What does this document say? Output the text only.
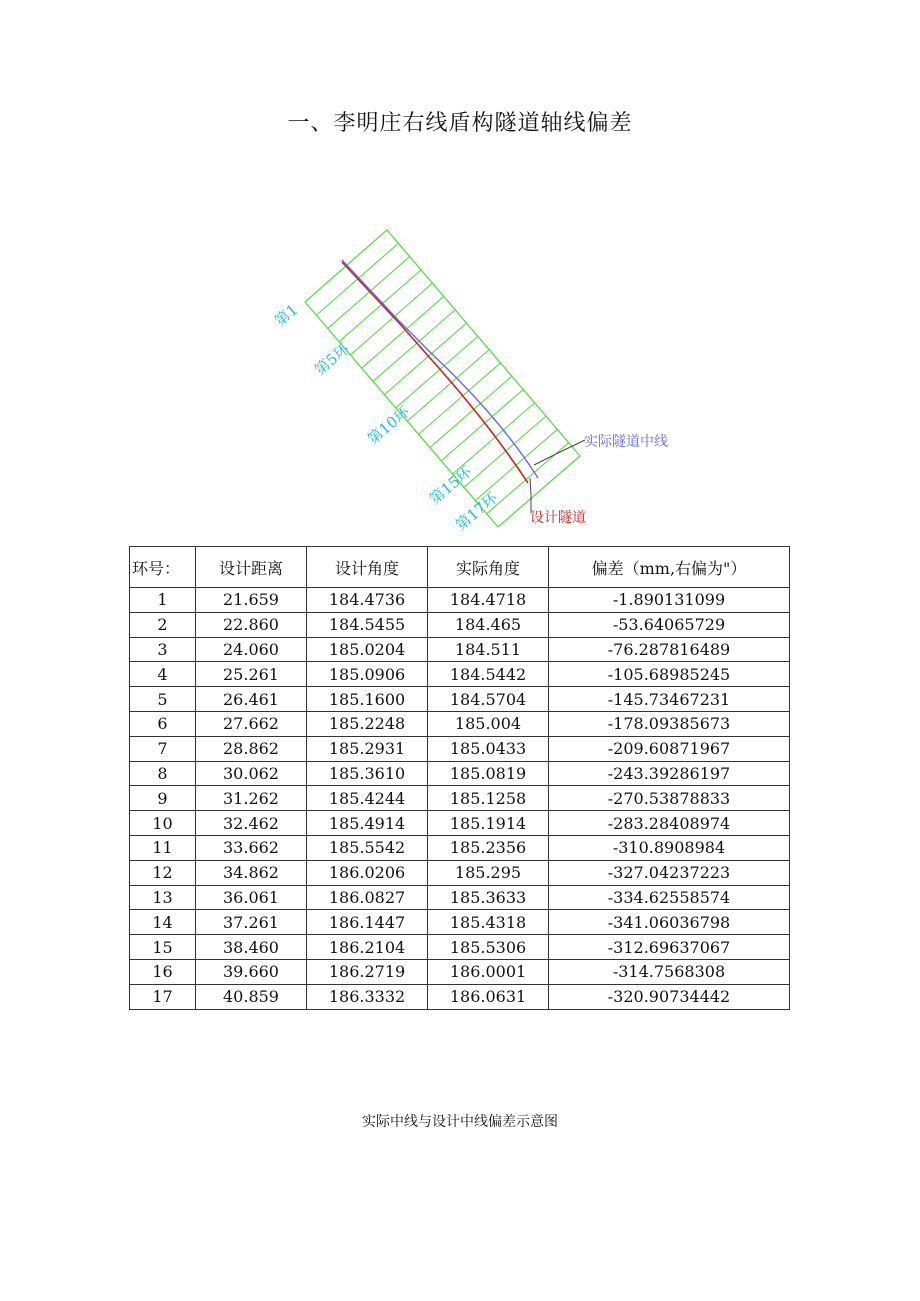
一、李明庄右线盾构隧道轴线偏差
第1
第5环
第10环
第15环
第17环
实际隧道中线
设计隧道
环号：	设计距离	设计角度	实际角度	偏差（mm,右偏为"）
1	21.659	184.4736	184.4718	-1.890131099
2	22.860	184.5455	184.465	-53.64065729
3	24.060	185.0204	184.511	-76.287816489
4	25.261	185.0906	184.5442	-105.68985245
5	26.461	185.1600	184.5704	-145.73467231
6	27.662	185.2248	185.004	-178.09385673
7	28.862	185.2931	185.0433	-209.60871967
8	30.062	185.3610	185.0819	-243.39286197
9	31.262	185.4244	185.1258	-270.53878833
10	32.462	185.4914	185.1914	-283.28408974
11	33.662	185.5542	185.2356	-310.8908984
12	34.862	186.0206	185.295	-327.04237223
13	36.061	186.0827	185.3633	-334.62558574
14	37.261	186.1447	185.4318	-341.06036798
15	38.460	186.2104	185.5306	-312.69637067
16	39.660	186.2719	186.0001	-314.7568308
17	40.859	186.3332	186.0631	-320.90734442
实际中线与设计中线偏差示意图
